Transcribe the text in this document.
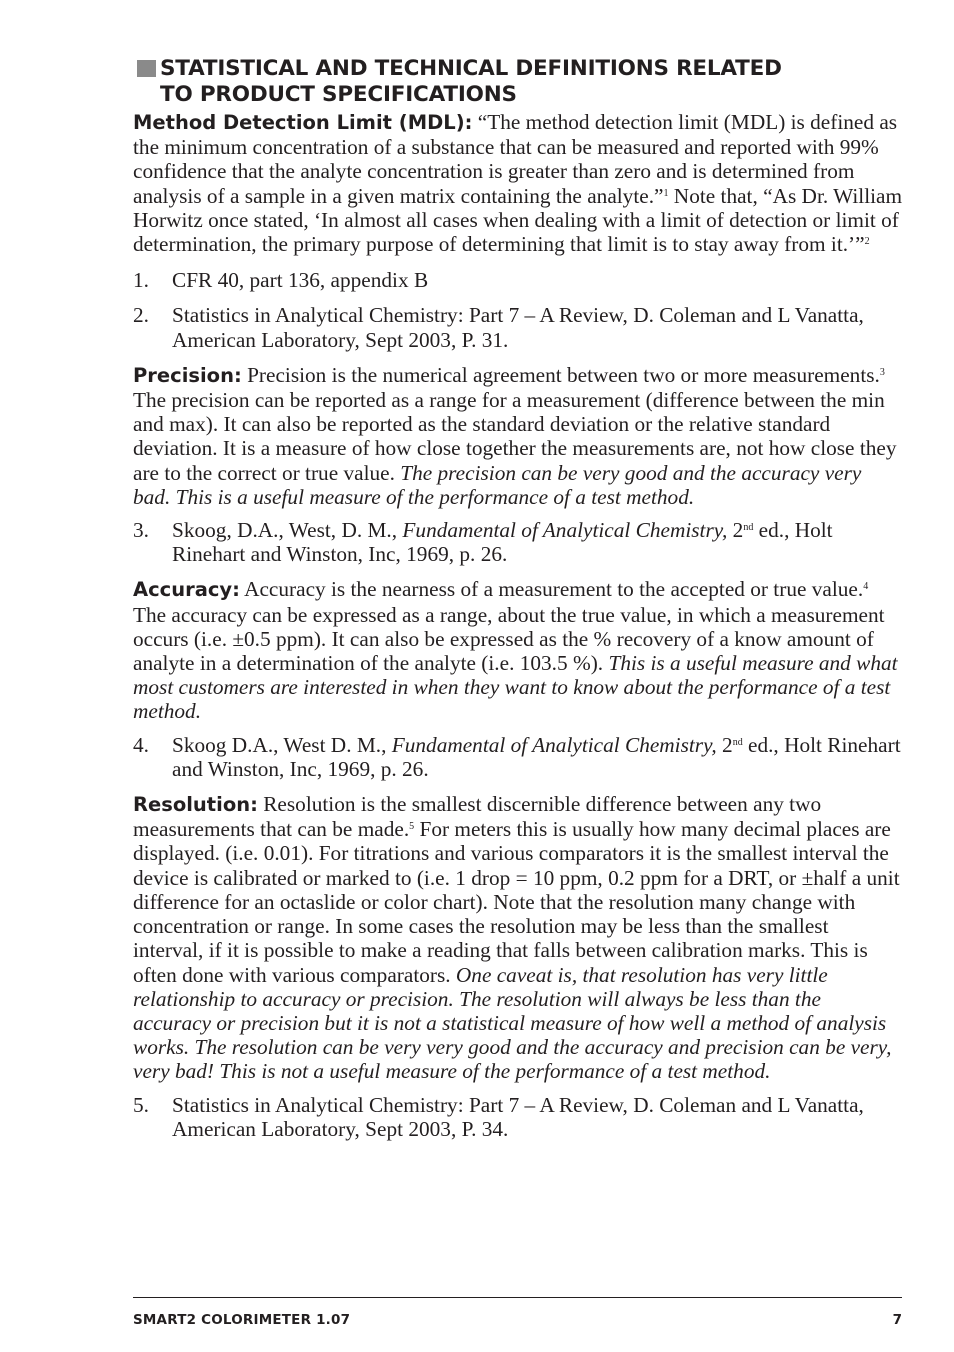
STATISTICAL AND TECHNICAL DEFINITIONS RELATED
TO PRODUCT SPECIFICATIONS

Method Detection Limit (MDL): “The method detection limit (MDL) is defined as the minimum concentration of a substance that can be measured and reported with 99% confidence that the analyte concentration is greater than zero and is determined from analysis of a sample in a given matrix containing the analyte.”$^1$ Note that, “As Dr. William Horwitz once stated, ‘In almost all cases when dealing with a limit of detection or limit of determination, the primary purpose of determining that limit is to stay away from it.’”$^2$

1. CFR 40, part 136, appendix B
2. Statistics in Analytical Chemistry: Part 7 – A Review, D. Coleman and L Vanatta, American Laboratory, Sept 2003, P. 31.

Precision: Precision is the numerical agreement between two or more measurements.$^3$ The precision can be reported as a range for a measurement (difference between the min and max). It can also be reported as the standard deviation or the relative standard deviation. It is a measure of how close together the measurements are, not how close they are to the correct or true value. The precision can be very good and the accuracy very bad. This is a useful measure of the performance of a test method.

3. Skoog, D.A., West, D. M., Fundamental of Analytical Chemistry, 2nd ed., Holt Rinehart and Winston, Inc, 1969, p. 26.

Accuracy: Accuracy is the nearness of a measurement to the accepted or true value.$^4$ The accuracy can be expressed as a range, about the true value, in which a measurement occurs (i.e. ±0.5 ppm). It can also be expressed as the % recovery of a know amount of analyte in a determination of the analyte (i.e. 103.5 %). This is a useful measure and what most customers are interested in when they want to know about the performance of a test method.

4. Skoog D.A., West D. M., Fundamental of Analytical Chemistry, 2nd ed., Holt Rinehart and Winston, Inc, 1969, p. 26.

Resolution: Resolution is the smallest discernible difference between any two measurements that can be made.$^5$ For meters this is usually how many decimal places are displayed. (i.e. 0.01). For titrations and various comparators it is the smallest interval the device is calibrated or marked to (i.e. 1 drop = 10 ppm, 0.2 ppm for a DRT, or ±half a unit difference for an octaslide or color chart). Note that the resolution many change with concentration or range. In some cases the resolution may be less than the smallest interval, if it is possible to make a reading that falls between calibration marks. This is often done with various comparators. One caveat is, that resolution has very little relationship to accuracy or precision. The resolution will always be less than the accuracy or precision but it is not a statistical measure of how well a method of analysis works. The resolution can be very very good and the accuracy and precision can be very, very bad! This is not a useful measure of the performance of a test method.

5. Statistics in Analytical Chemistry: Part 7 – A Review, D. Coleman and L Vanatta, American Laboratory, Sept 2003, P. 34.
SMART2 COLORIMETER 1.07	7
